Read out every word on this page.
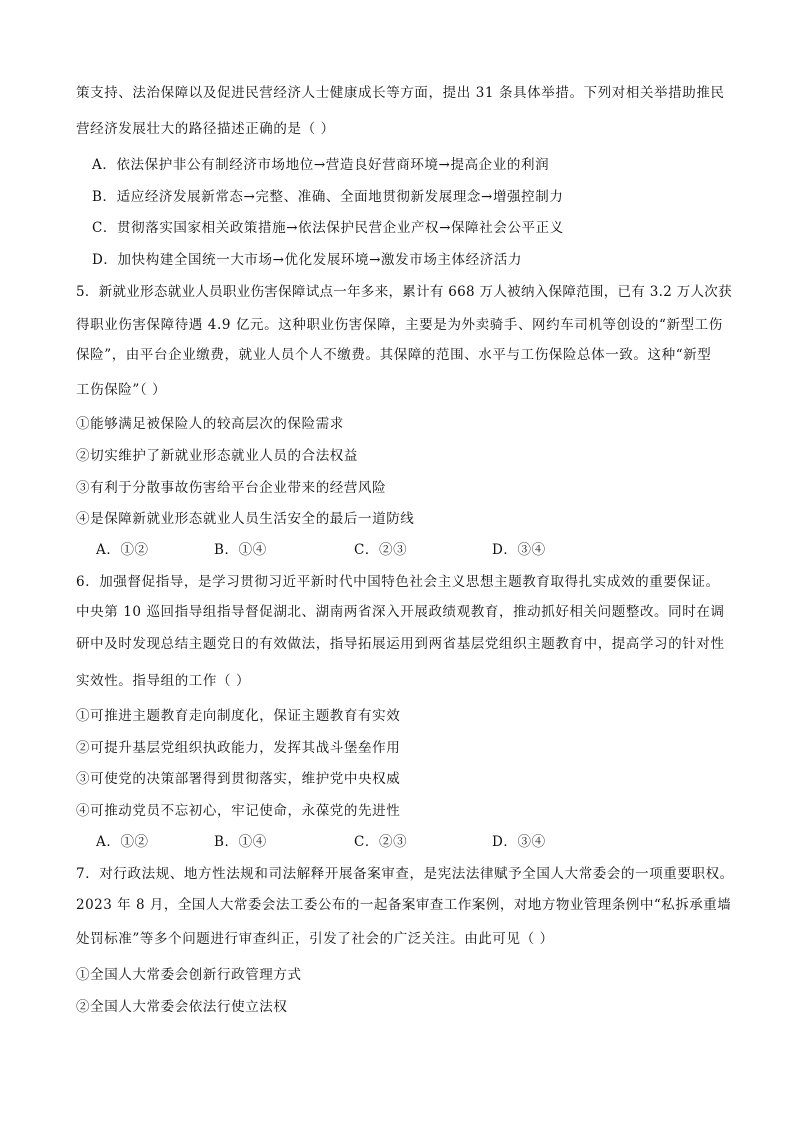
策支持、法治保障以及促进民营经济人士健康成长等方面，提出 31 条具体举措。下列对相关举措助推民
营经济发展壮大的路径描述正确的是（ ）
A．依法保护非公有制经济市场地位→营造良好营商环境→提高企业的利润
B．适应经济发展新常态→完整、准确、全面地贯彻新发展理念→增强控制力
C．贯彻落实国家相关政策措施→依法保护民营企业产权→保障社会公平正义
D．加快构建全国统一大市场→优化发展环境→激发市场主体经济活力
5．新就业形态就业人员职业伤害保障试点一年多来，累计有 668 万人被纳入保障范围，已有 3.2 万人次获
得职业伤害保障待遇 4.9 亿元。这种职业伤害保障，主要是为外卖骑手、网约车司机等创设的“新型工伤
保险”，由平台企业缴费，就业人员个人不缴费。其保障的范围、水平与工伤保险总体一致。这种“新型
工伤保险”（ ）
①能够满足被保险人的较高层次的保险需求
②切实维护了新就业形态就业人员的合法权益
③有利于分散事故伤害给平台企业带来的经营风险
④是保障新就业形态就业人员生活安全的最后一道防线
A．①②	B．①④	C．②③	D．③④
6．加强督促指导，是学习贯彻习近平新时代中国特色社会主义思想主题教育取得扎实成效的重要保证。
中央第 10 巡回指导组指导督促湖北、湖南两省深入开展政绩观教育，推动抓好相关问题整改。同时在调
研中及时发现总结主题党日的有效做法，指导拓展运用到两省基层党组织主题教育中，提高学习的针对性
实效性。指导组的工作（ ）
①可推进主题教育走向制度化，保证主题教育有实效
②可提升基层党组织执政能力，发挥其战斗堡垒作用
③可使党的决策部署得到贯彻落实，维护党中央权威
④可推动党员不忘初心，牢记使命，永葆党的先进性
A．①②	B．①④	C．②③	D．③④
7．对行政法规、地方性法规和司法解释开展备案审查，是宪法法律赋予全国人大常委会的一项重要职权。
2023 年 8 月，全国人大常委会法工委公布的一起备案审查工作案例，对地方物业管理条例中“私拆承重墙
处罚标准”等多个问题进行审查纠正，引发了社会的广泛关注。由此可见（ ）
①全国人大常委会创新行政管理方式
②全国人大常委会依法行使立法权
